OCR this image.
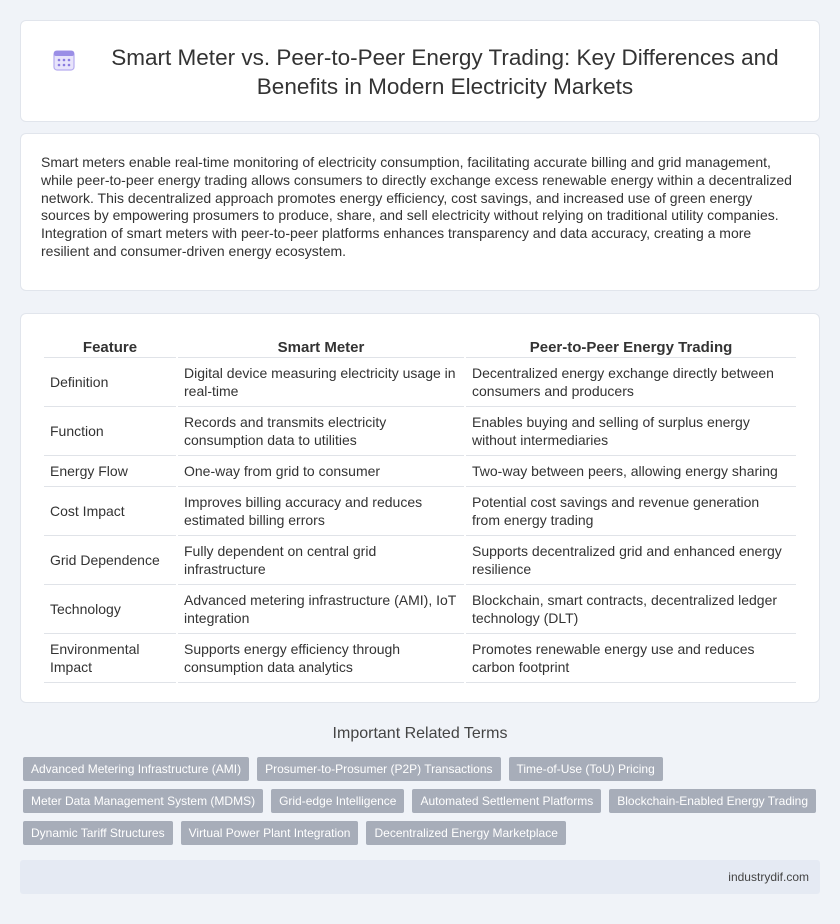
Smart Meter vs. Peer-to-Peer Energy Trading: Key Differences and Benefits in Modern Electricity Markets

Smart meters enable real-time monitoring of electricity consumption, facilitating accurate billing and grid management, while peer-to-peer energy trading allows consumers to directly exchange excess renewable energy within a decentralized network. This decentralized approach promotes energy efficiency, cost savings, and increased use of green energy sources by empowering prosumers to produce, share, and sell electricity without relying on traditional utility companies. Integration of smart meters with peer-to-peer platforms enhances transparency and data accuracy, creating a more resilient and consumer-driven energy ecosystem.

Feature	Smart Meter	Peer-to-Peer Energy Trading
Definition	Digital device measuring electricity usage in real-time	Decentralized energy exchange directly between consumers and producers
Function	Records and transmits electricity consumption data to utilities	Enables buying and selling of surplus energy without intermediaries
Energy Flow	One-way from grid to consumer	Two-way between peers, allowing energy sharing
Cost Impact	Improves billing accuracy and reduces estimated billing errors	Potential cost savings and revenue generation from energy trading
Grid Dependence	Fully dependent on central grid infrastructure	Supports decentralized grid and enhanced energy resilience
Technology	Advanced metering infrastructure (AMI), IoT integration	Blockchain, smart contracts, decentralized ledger technology (DLT)
Environmental Impact	Supports energy efficiency through consumption data analytics	Promotes renewable energy use and reduces carbon footprint
Important Related Terms
Advanced Metering Infrastructure (AMI)	Prosumer-to-Prosumer (P2P) Transactions	Time-of-Use (ToU) Pricing
Meter Data Management System (MDMS)	Grid-edge Intelligence	Automated Settlement Platforms	Blockchain-Enabled Energy Trading
Dynamic Tariff Structures	Virtual Power Plant Integration	Decentralized Energy Marketplace
industrydif.com
